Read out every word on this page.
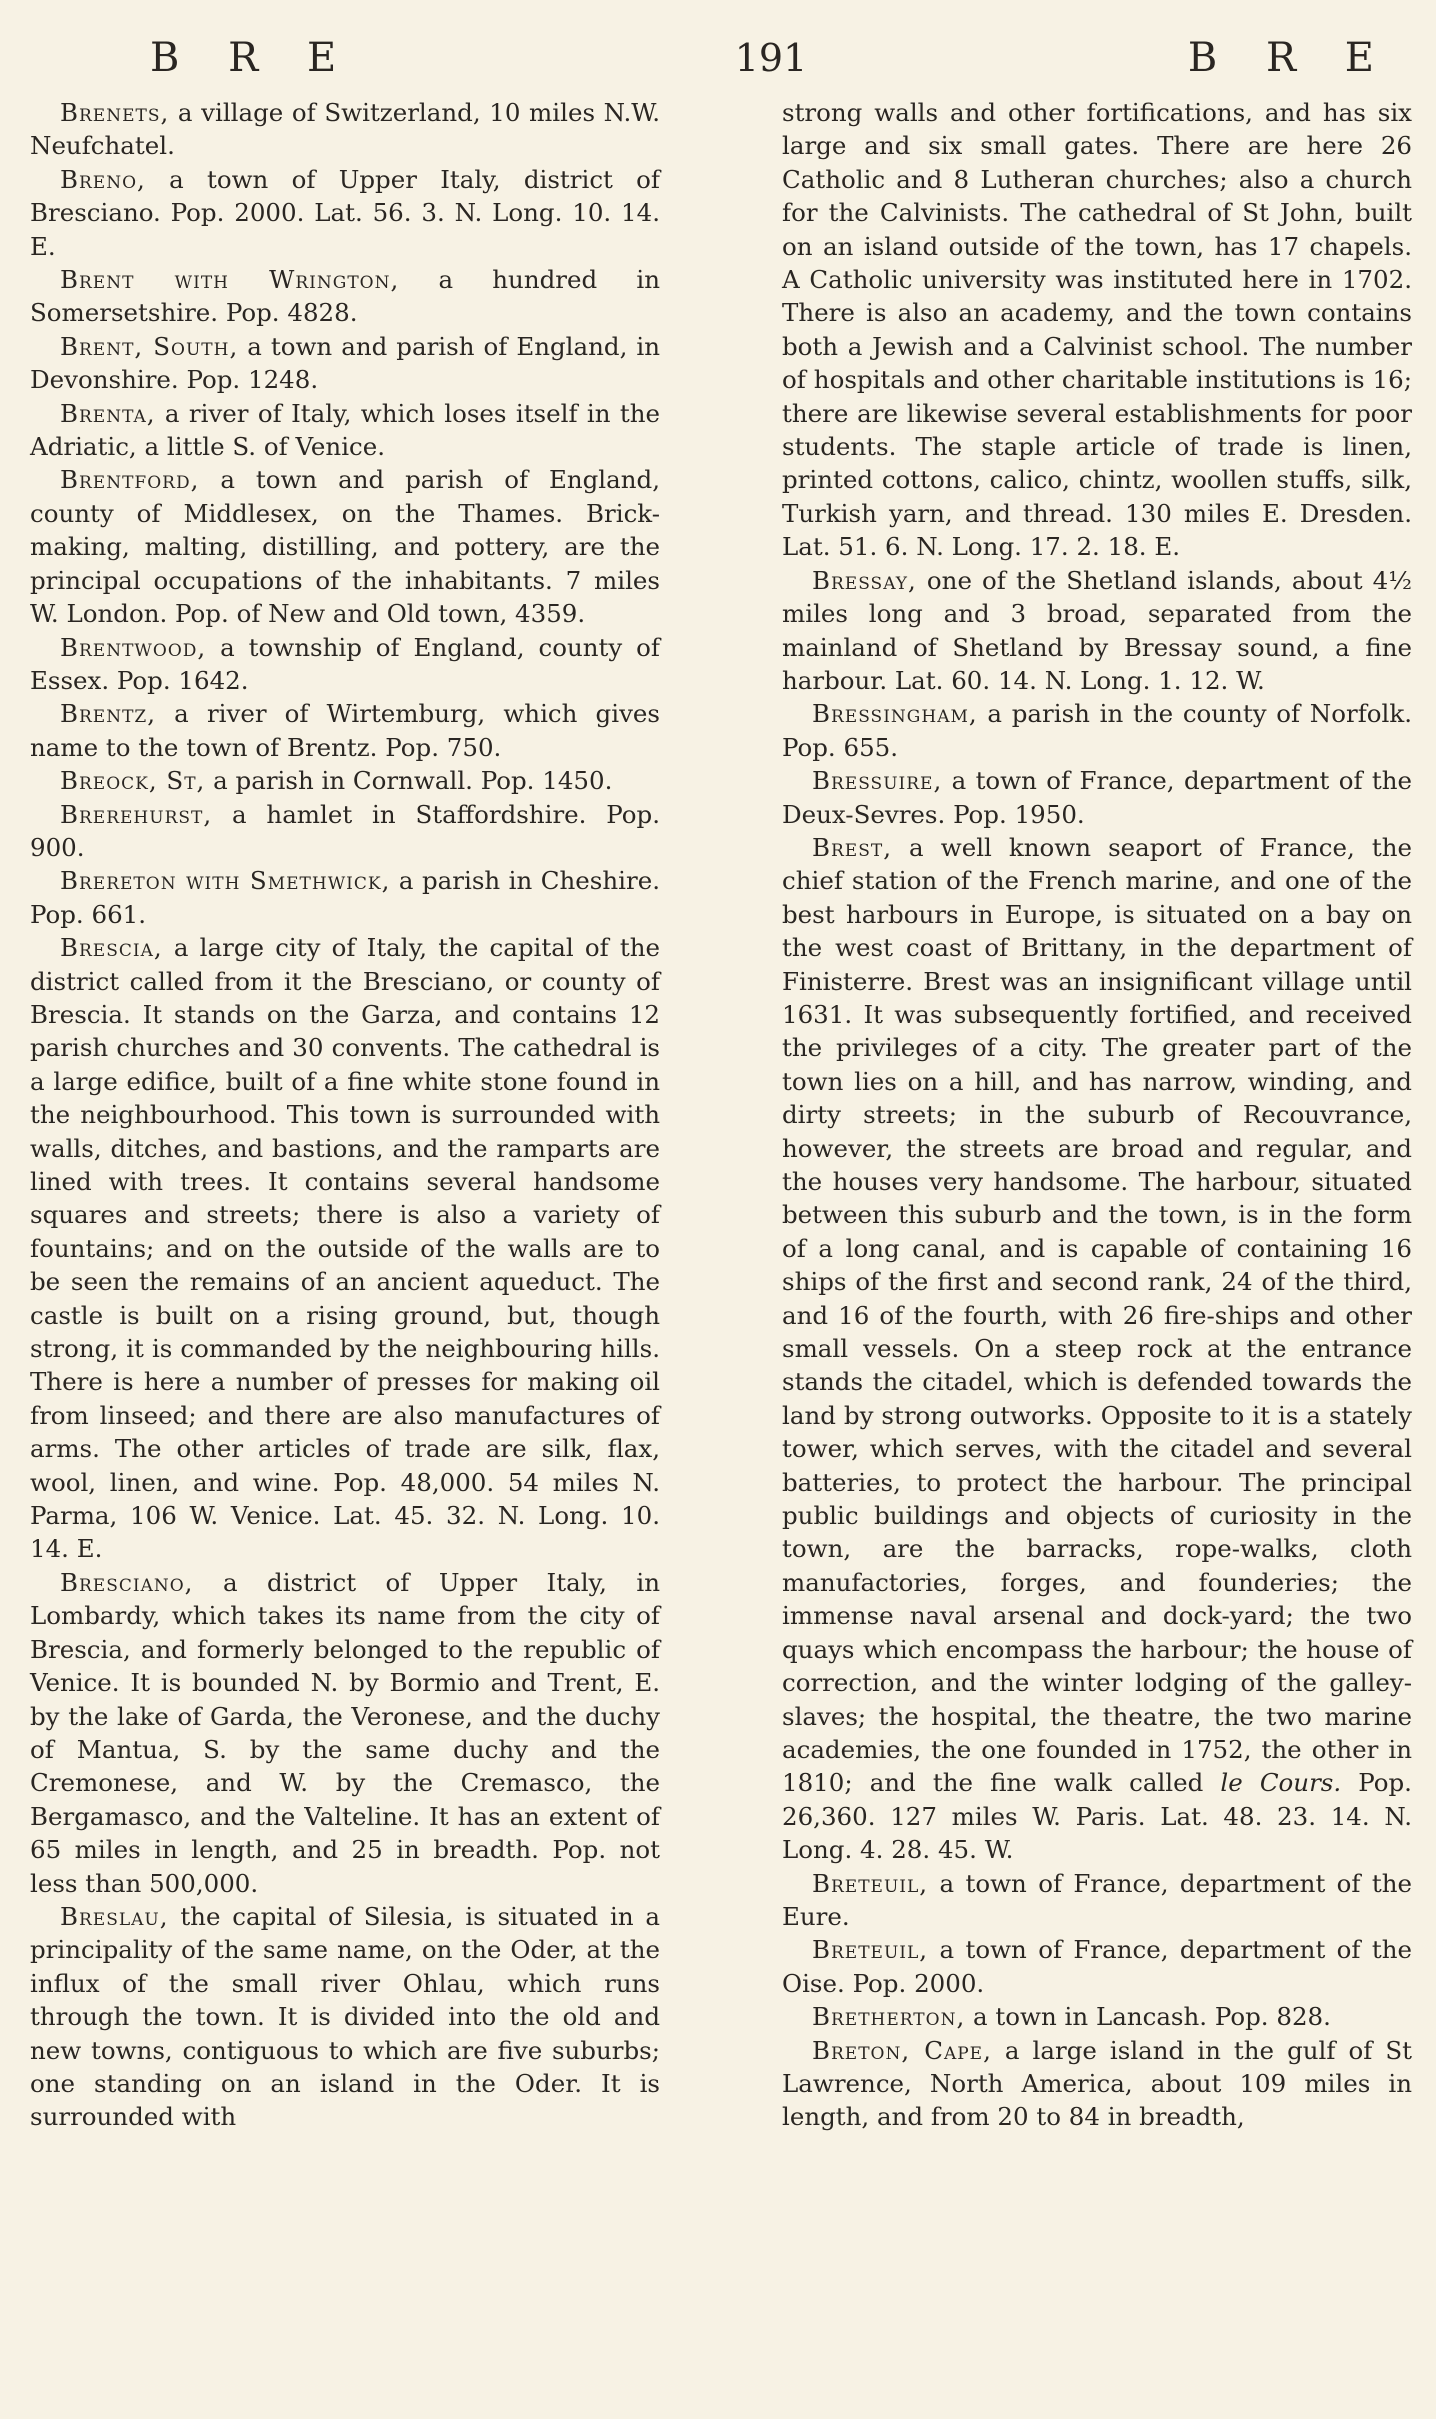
B R E	191	B R E

Brenets, a village of Switzerland, 10 miles N.W. Neufchatel.

Breno, a town of Upper Italy, district of Bresciano. Pop. 2000. Lat. 56. 3. N. Long. 10. 14. E.

Brent with Wrington, a hundred in Somersetshire. Pop. 4828.

Brent, South, a town and parish of England, in Devonshire. Pop. 1248.

Brenta, a river of Italy, which loses itself in the Adriatic, a little S. of Venice.

Brentford, a town and parish of England, county of Middlesex, on the Thames. Brick-making, malting, distilling, and pottery, are the principal occupations of the inhabitants. 7 miles W. London. Pop. of New and Old town, 4359.

Brentwood, a township of England, county of Essex. Pop. 1642.

Brentz, a river of Wirtemburg, which gives name to the town of Brentz. Pop. 750.

Breock, St, a parish in Cornwall. Pop. 1450.

Brerehurst, a hamlet in Staffordshire. Pop. 900.

Brereton with Smethwick, a parish in Cheshire. Pop. 661.

Brescia, a large city of Italy, the capital of the district called from it the Bresciano, or county of Brescia. It stands on the Garza, and contains 12 parish churches and 30 convents. The cathedral is a large edifice, built of a fine white stone found in the neighbourhood. This town is surrounded with walls, ditches, and bastions, and the ramparts are lined with trees. It contains several handsome squares and streets; there is also a variety of fountains; and on the outside of the walls are to be seen the remains of an ancient aqueduct. The castle is built on a rising ground, but, though strong, it is commanded by the neighbouring hills. There is here a number of presses for making oil from linseed; and there are also manufactures of arms. The other articles of trade are silk, flax, wool, linen, and wine. Pop. 48,000. 54 miles N. Parma, 106 W. Venice. Lat. 45. 32. N. Long. 10. 14. E.

Bresciano, a district of Upper Italy, in Lombardy, which takes its name from the city of Brescia, and formerly belonged to the republic of Venice. It is bounded N. by Bormio and Trent, E. by the lake of Garda, the Veronese, and the duchy of Mantua, S. by the same duchy and the Cremonese, and W. by the Cremasco, the Bergamasco, and the Valteline. It has an extent of 65 miles in length, and 25 in breadth. Pop. not less than 500,000.

Breslau, the capital of Silesia, is situated in a principality of the same name, on the Oder, at the influx of the small river Ohlau, which runs through the town. It is divided into the old and new towns, contiguous to which are five suburbs; one standing on an island in the Oder. It is surrounded with

strong walls and other fortifications, and has six large and six small gates. There are here 26 Catholic and 8 Lutheran churches; also a church for the Calvinists. The cathedral of St John, built on an island outside of the town, has 17 chapels. A Catholic university was instituted here in 1702. There is also an academy, and the town contains both a Jewish and a Calvinist school. The number of hospitals and other charitable institutions is 16; there are likewise several establishments for poor students. The staple article of trade is linen, printed cottons, calico, chintz, woollen stuffs, silk, Turkish yarn, and thread. 130 miles E. Dresden. Lat. 51. 6. N. Long. 17. 2. 18. E.

Bressay, one of the Shetland islands, about 4½ miles long and 3 broad, separated from the mainland of Shetland by Bressay sound, a fine harbour. Lat. 60. 14. N. Long. 1. 12. W.

Bressingham, a parish in the county of Norfolk. Pop. 655.

Bressuire, a town of France, department of the Deux-Sevres. Pop. 1950.

Brest, a well known seaport of France, the chief station of the French marine, and one of the best harbours in Europe, is situated on a bay on the west coast of Brittany, in the department of Finisterre. Brest was an insignificant village until 1631. It was subsequently fortified, and received the privileges of a city. The greater part of the town lies on a hill, and has narrow, winding, and dirty streets; in the suburb of Recouvrance, however, the streets are broad and regular, and the houses very handsome. The harbour, situated between this suburb and the town, is in the form of a long canal, and is capable of containing 16 ships of the first and second rank, 24 of the third, and 16 of the fourth, with 26 fire-ships and other small vessels. On a steep rock at the entrance stands the citadel, which is defended towards the land by strong outworks. Opposite to it is a stately tower, which serves, with the citadel and several batteries, to protect the harbour. The principal public buildings and objects of curiosity in the town, are the barracks, rope-walks, cloth manufactories, forges, and founderies; the immense naval arsenal and dock-yard; the two quays which encompass the harbour; the house of correction, and the winter lodging of the galley-slaves; the hospital, the theatre, the two marine academies, the one founded in 1752, the other in 1810; and the fine walk called le Cours. Pop. 26,360. 127 miles W. Paris. Lat. 48. 23. 14. N. Long. 4. 28. 45. W.

Breteuil, a town of France, department of the Eure.

Breteuil, a town of France, department of the Oise. Pop. 2000.

Bretherton, a town in Lancash. Pop. 828.

Breton, Cape, a large island in the gulf of St Lawrence, North America, about 109 miles in length, and from 20 to 84 in breadth,
